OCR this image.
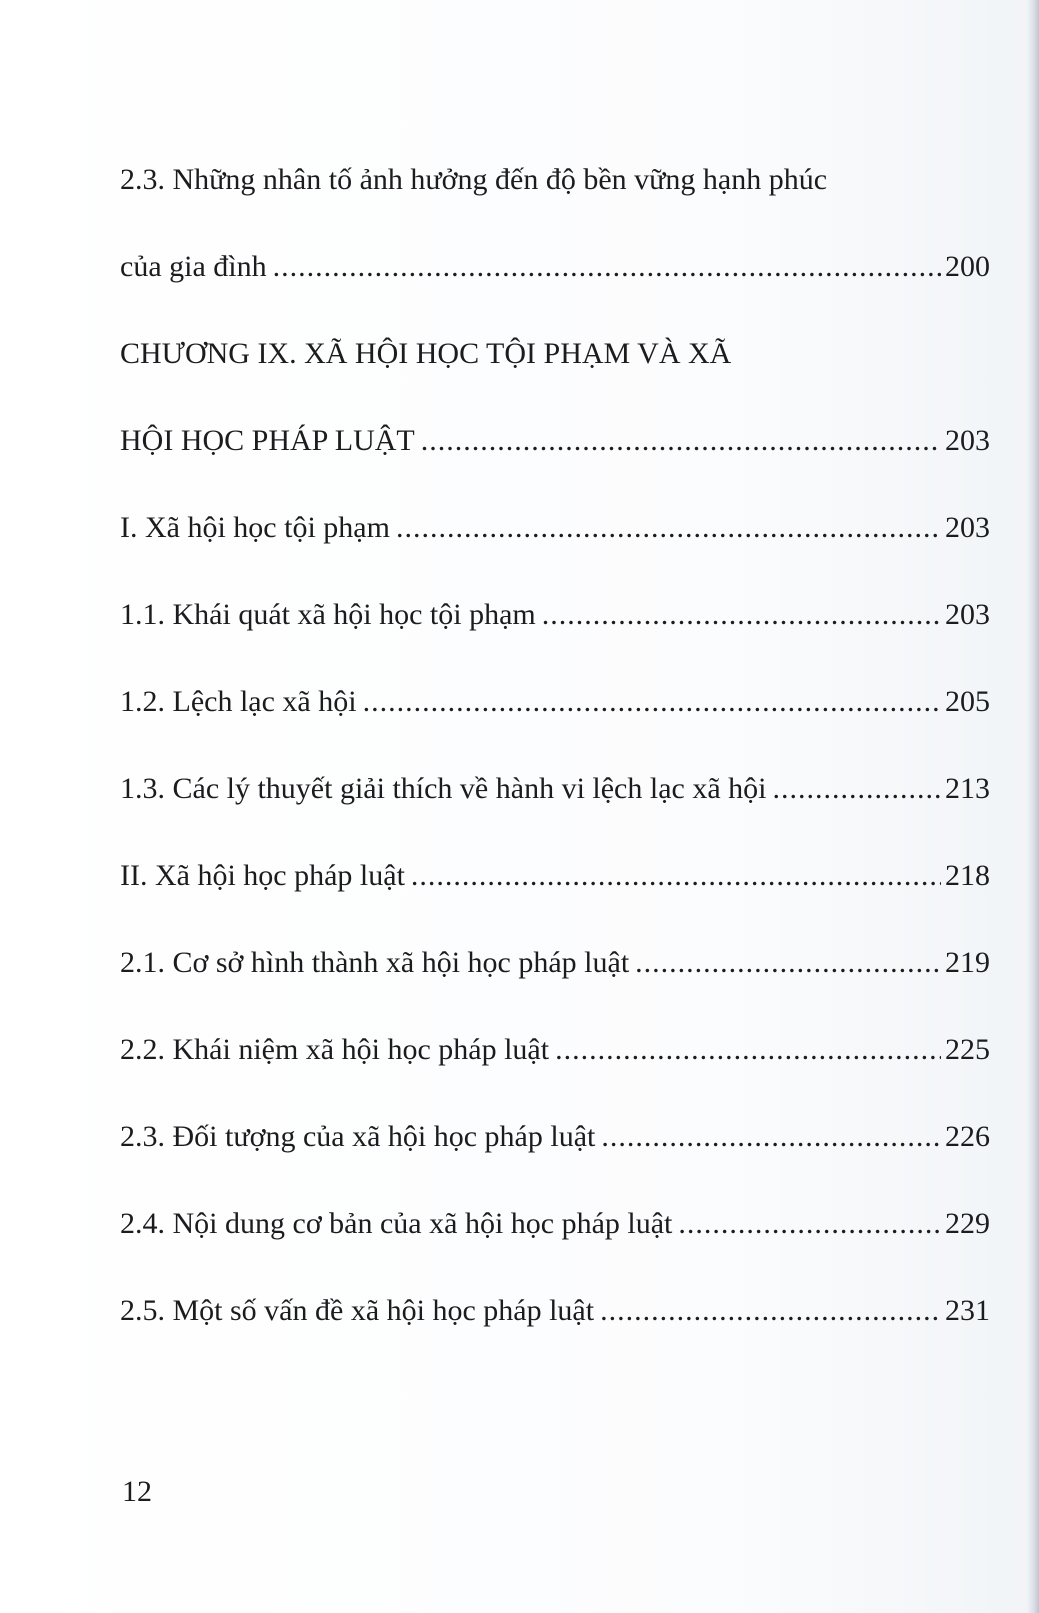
2.3. Những nhân tố ảnh hưởng đến độ bền vững hạnh phúc
của gia đình .....	200
CHƯƠNG IX. XÃ HỘI HỌC TỘI PHẠM VÀ XÃ
HỘI HỌC PHÁP LUẬT .....	203
I. Xã hội học tội phạm .....	203
1.1. Khái quát xã hội học tội phạm .....	203
1.2. Lệch lạc xã hội .....	205
1.3. Các lý thuyết giải thích về hành vi lệch lạc xã hội .....	213
II. Xã hội học pháp luật .....	218
2.1. Cơ sở hình thành xã hội học pháp luật .....	219
2.2. Khái niệm xã hội học pháp luật .....	225
2.3. Đối tượng của xã hội học pháp luật .....	226
2.4. Nội dung cơ bản của xã hội học pháp luật .....	229
2.5. Một số vấn đề xã hội học pháp luật .....	231
12
